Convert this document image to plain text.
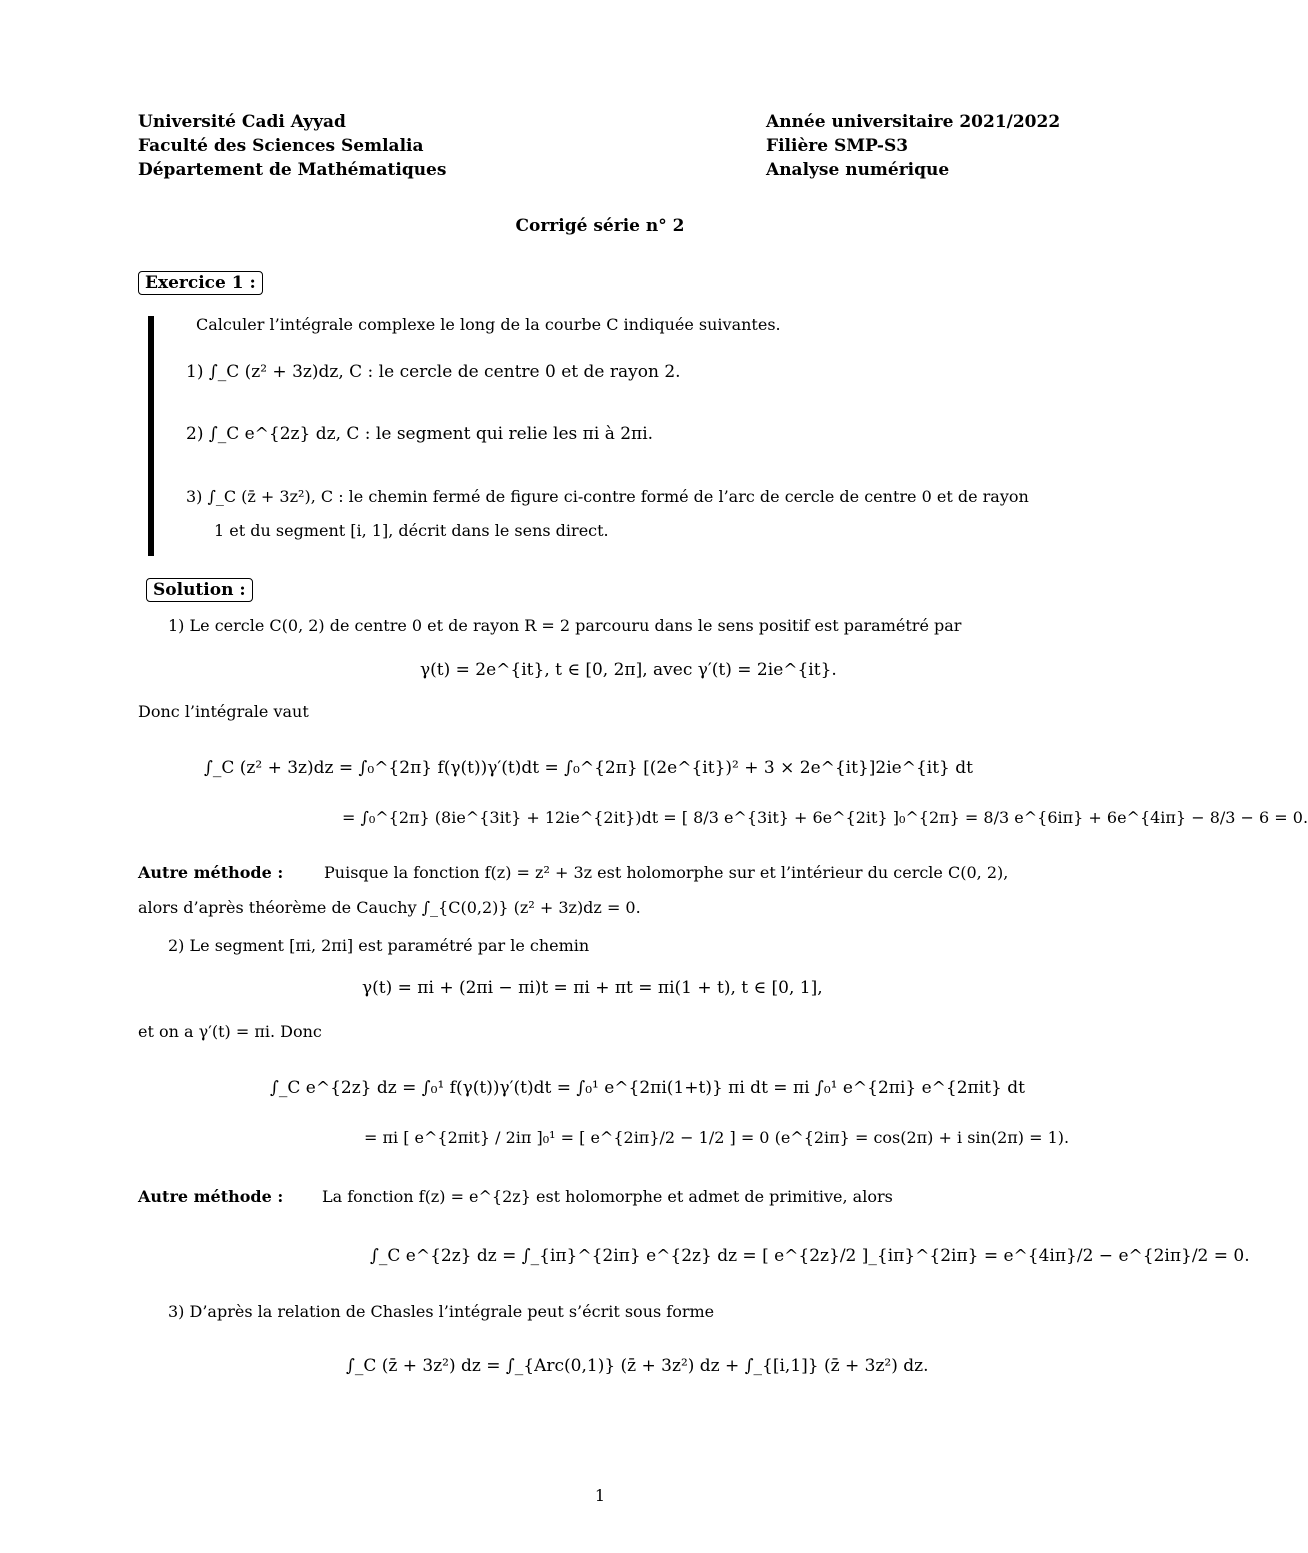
Université Cadi Ayyad
Faculté des Sciences Semlalia
Département de Mathématiques
Année universitaire 2021/2022
Filière SMP-S3
Analyse numérique
Corrigé série n° 2
Exercice 1 :
Calculer l’intégrale complexe le long de la courbe C indiquée suivantes.
1) ∫_C (z² + 3z)dz, C : le cercle de centre 0 et de rayon 2.
2) ∫_C e^{2z} dz, C : le segment qui relie les πi à 2πi.
3) ∫_C (z̄ + 3z²), C : le chemin fermé de figure ci-contre formé de l’arc de cercle de centre 0 et de rayon
1 et du segment [i, 1], décrit dans le sens direct.
Solution :
1) Le cercle C(0, 2) de centre 0 et de rayon R = 2 parcouru dans le sens positif est paramétré par
γ(t) = 2e^{it}, t ∈ [0, 2π], avec γ′(t) = 2ie^{it}.
Donc l’intégrale vaut
∫_C (z² + 3z)dz = ∫₀^{2π} f(γ(t))γ′(t)dt = ∫₀^{2π} [(2e^{it})² + 3 × 2e^{it}]2ie^{it} dt
= ∫₀^{2π} (8ie^{3it} + 12ie^{2it})dt = [ 8/3 e^{3it} + 6e^{2it} ]₀^{2π} = 8/3 e^{6iπ} + 6e^{4iπ} − 8/3 − 6 = 0.
Autre méthode :	Puisque la fonction f(z) = z² + 3z est holomorphe sur et l’intérieur du cercle C(0, 2),
alors d’après théorème de Cauchy ∫_{C(0,2)} (z² + 3z)dz = 0.
2) Le segment [πi, 2πi] est paramétré par le chemin
γ(t) = πi + (2πi − πi)t = πi + πt = πi(1 + t), t ∈ [0, 1],
et on a γ′(t) = πi. Donc
∫_C e^{2z} dz = ∫₀¹ f(γ(t))γ′(t)dt = ∫₀¹ e^{2πi(1+t)} πi dt = πi ∫₀¹ e^{2πi} e^{2πit} dt
= πi [ e^{2πit} / 2iπ ]₀¹ = [ e^{2iπ}/2 − 1/2 ] = 0 (e^{2iπ} = cos(2π) + i sin(2π) = 1).
Autre méthode : La fonction f(z) = e^{2z} est holomorphe et admet de primitive, alors
∫_C e^{2z} dz = ∫_{iπ}^{2iπ} e^{2z} dz = [ e^{2z}/2 ]_{iπ}^{2iπ} = e^{4iπ}/2 − e^{2iπ}/2 = 0.
3) D’après la relation de Chasles l’intégrale peut s’écrit sous forme
∫_C (z̄ + 3z²) dz = ∫_{Arc(0,1)} (z̄ + 3z²) dz + ∫_{[i,1]} (z̄ + 3z²) dz.
1
